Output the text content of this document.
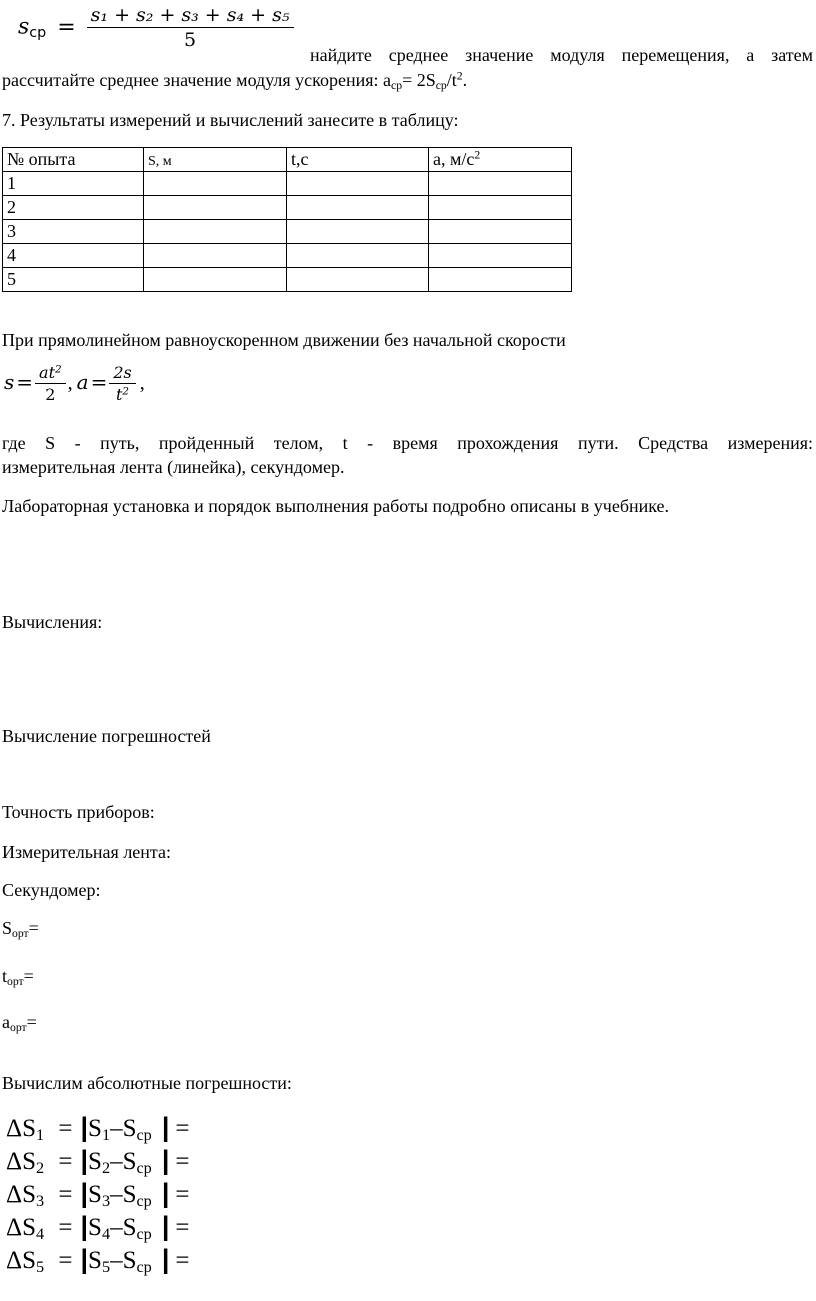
$s_{ср} = \frac{\text{s₁ + s₂ + s₃ + s₄ + s₅}}{5}$
найдите среднее значение модуля перемещения, а затем
рассчитайте среднее значение модуля ускорения: $a_{ср}= 2S_{ср}/t^2$.
7. Результаты измерений и вычислений занесите в таблицу:
№ опыта	S, м	t,c	a, $м/c^2$
1			
2			
3			
4			
5			
При прямолинейном равноускоренном движении без начальной скорости
$s = \frac{at^2}{2}$ , $a = \frac{2s}{t^2}$ ,
где S - путь, пройденный телом, t - время прохождения пути. Средства измерения:
измерительная лента (линейка), секундомер.
Лабораторная установка и порядок выполнения работы подробно описаны в учебнике.
Вычисления:
Вычисление погрешностей
Точность приборов:
Измерительная лента:
Секундомер:
$S_{орт}=$
$t_{орт}=$
$a_{орт}=$
Вычислим абсолютные погрешности:
$\Delta S_1 = |S_1-S_{ср}$ | =
$\Delta S_2 = |S_2-S_{ср}$ | =
$\Delta S_3 = |S_3-S_{ср}$ | =
$\Delta S_4 = |S_4-S_{ср}$ | =
$\Delta S_5 = |S_5-S_{ср}$ | =
